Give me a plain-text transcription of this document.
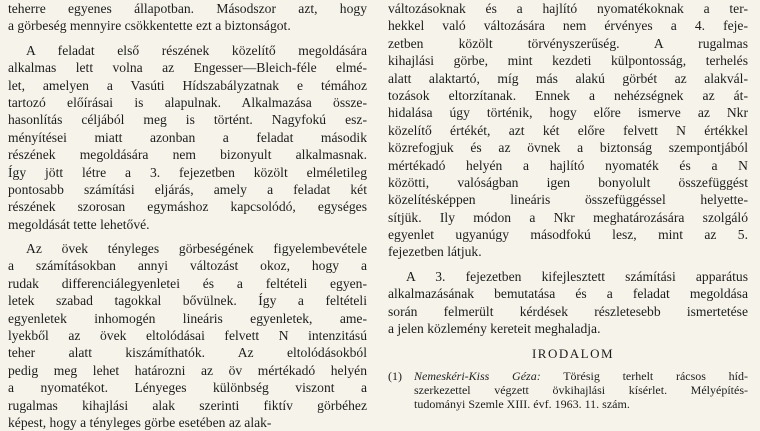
teherre egyenes állapotban. Másodszor azt, hogy
a görbeség mennyire csökkentette ezt a biztonságot.
A feladat első részének közelítő megoldására
alkalmas lett volna az Engesser—Bleich-féle elmé-
let, amelyen a Vasúti Hídszabályzatnak e témához
tartozó előírásai is alapulnak. Alkalmazása össze-
hasonlítás céljából meg is történt. Nagyfokú esz-
ményítései miatt azonban a feladat második
részének megoldására nem bizonyult alkalmasnak.
Így jött létre a 3. fejezetben közölt elméletileg
pontosabb számítási eljárás, amely a feladat két
részének szorosan egymáshoz kapcsolódó, egységes
megoldását tette lehetővé.
Az övek tényleges görbeségének figyelembevétele
a számításokban annyi változást okoz, hogy a
rudak differenciálegyenletei és a feltételi egyen-
letek szabad tagokkal bővülnek. Így a feltételi
egyenletek inhomogén lineáris egyenletek, ame-
lyekből az övek eltolódásai felvett N intenzitású
teher alatt kiszámíthatók. Az eltolódásokból
pedig meg lehet határozni az öv mértékadó helyén
a nyomatékot. Lényeges különbség viszont a
rugalmas kihajlási alak szerinti fiktív görbéhez
képest, hogy a tényleges görbe esetében az alak-
változásoknak és a hajlító nyomatékoknak a ter-
hekkel való változására nem érvényes a 4. feje-
zetben közölt törvényszerűség. A rugalmas
kihajlási görbe, mint kezdeti külpontosság, terhelés
alatt alaktartó, míg más alakú görbét az alakvál-
tozások eltorzítanak. Ennek a nehézségnek az át-
hidalása úgy történik, hogy előre ismerve az Nkr
közelítő értékét, azt két előre felvett N értékkel
közrefogjuk és az övnek a biztonság szempontjából
mértékadó helyén a hajlító nyomaték és a N
közötti, valóságban igen bonyolult összefüggést
közelítésképpen lineáris összefüggéssel helyette-
sítjük. Ily módon a Nkr meghatározására szolgáló
egyenlet ugyanúgy másodfokú lesz, mint az 5.
fejezetben látjuk.
A 3. fejezetben kifejlesztett számítási apparátus
alkalmazásának bemutatása és a feladat megoldása
során felmerült kérdések részletesebb ismertetése
a jelen közlemény kereteit meghaladja.
IRODALOM
(1)	Nemeskéri-Kiss Géza: Törésig terhelt rácsos híd-
szerkezettel végzett övkihajlási kísérlet. Mélyépítés-
tudományi Szemle XIII. évf. 1963. 11. szám.
